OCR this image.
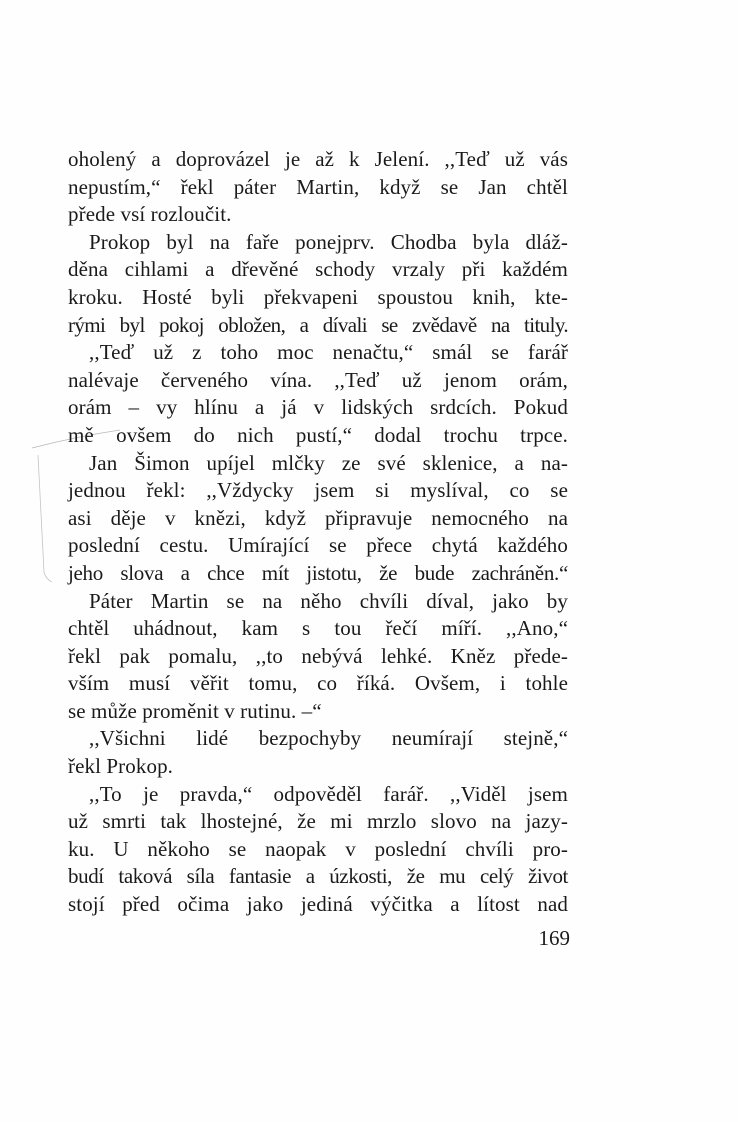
oholený a doprovázel je až k Jelení. ,,Teď už vás
nepustím,“ řekl páter Martin, když se Jan chtěl
přede vsí rozloučit.
Prokop byl na faře ponejprv. Chodba byla dláž-
děna cihlami a dřevěné schody vrzaly při každém
kroku. Hosté byli překvapeni spoustou knih, kte-
rými byl pokoj obložen, a dívali se zvědavě na tituly.
,,Teď už z toho moc nenačtu,“ smál se farář
nalévaje červeného vína. ,,Teď už jenom orám,
orám – vy hlínu a já v lidských srdcích. Pokud
mě ovšem do nich pustí,“ dodal trochu trpce.
Jan Šimon upíjel mlčky ze své sklenice, a na-
jednou řekl: ,,Vždycky jsem si myslíval, co se
asi děje v knězi, když připravuje nemocného na
poslední cestu. Umírající se přece chytá každého
jeho slova a chce mít jistotu, že bude zachráněn.“
Páter Martin se na něho chvíli díval, jako by
chtěl uhádnout, kam s tou řečí míří. ,,Ano,“
řekl pak pomalu, ,,to nebývá lehké. Kněz přede-
vším musí věřit tomu, co říká. Ovšem, i tohle
se může proměnit v rutinu. –“
,,Všichni lidé bezpochyby neumírají stejně,“
řekl Prokop.
,,To je pravda,“ odpověděl farář. ,,Viděl jsem
už smrti tak lhostejné, že mi mrzlo slovo na jazy-
ku. U někoho se naopak v poslední chvíli pro-
budí taková síla fantasie a úzkosti, že mu celý život
stojí před očima jako jediná výčitka a lítost nad
169
